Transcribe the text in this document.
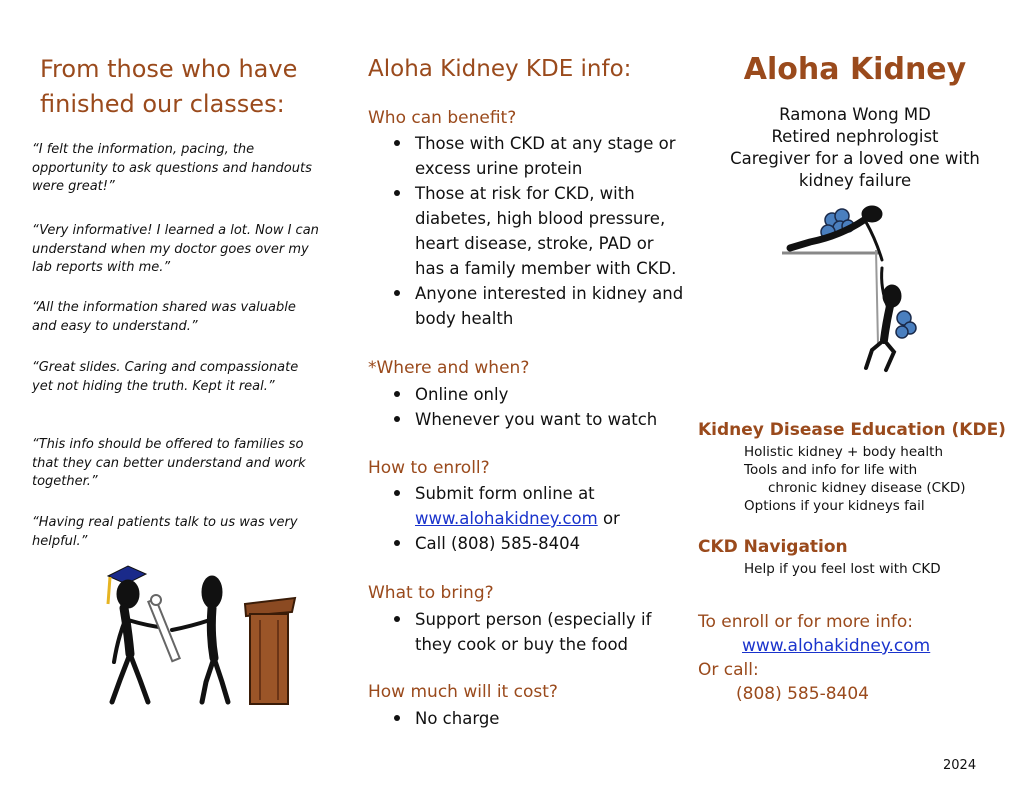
From those who have
finished our classes:
“I felt the information, pacing, the opportunity to ask questions and handouts were great!”
“Very informative! I learned a lot. Now I can understand when my doctor goes over my lab reports with me.”
“All the information shared was valuable and easy to understand.”
“Great slides. Caring and compassionate yet not hiding the truth. Kept it real.”
“This info should be offered to families so that they can better understand and work together.”
“Having real patients talk to us was very helpful.”
Aloha Kidney KDE info:
Who can benefit?
Those with CKD at any stage or excess urine protein
Those at risk for CKD, with diabetes, high blood pressure, heart disease, stroke, PAD or has a family member with CKD.
Anyone interested in kidney and body health
*Where and when?
Online only
Whenever you want to watch
How to enroll?
Submit form online at
www.alohakidney.com or
Call (808) 585-8404
What to bring?
Support person (especially if they cook or buy the food
How much will it cost?
No charge
Aloha Kidney
Ramona Wong MD
Retired nephrologist
Caregiver for a loved one with
kidney failure
Kidney Disease Education (KDE)
Holistic kidney + body health
Tools and info for life with
chronic kidney disease (CKD)
Options if your kidneys fail
CKD Navigation
Help if you feel lost with CKD
To enroll or for more info:
www.alohakidney.com
Or call:
(808) 585-8404
2024
